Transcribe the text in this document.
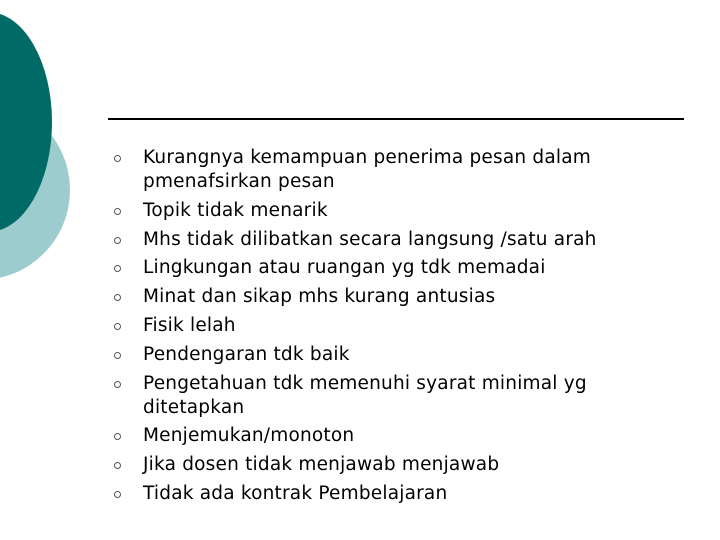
Kurangnya kemampuan penerima pesan dalam pmenafsirkan pesan
Topik tidak menarik
Mhs tidak dilibatkan secara langsung /satu arah
Lingkungan atau ruangan yg tdk memadai
Minat dan sikap mhs kurang antusias
Fisik lelah
Pendengaran tdk baik
Pengetahuan tdk memenuhi syarat minimal yg ditetapkan
Menjemukan/monoton
Jika dosen tidak menjawab menjawab
Tidak ada kontrak Pembelajaran
